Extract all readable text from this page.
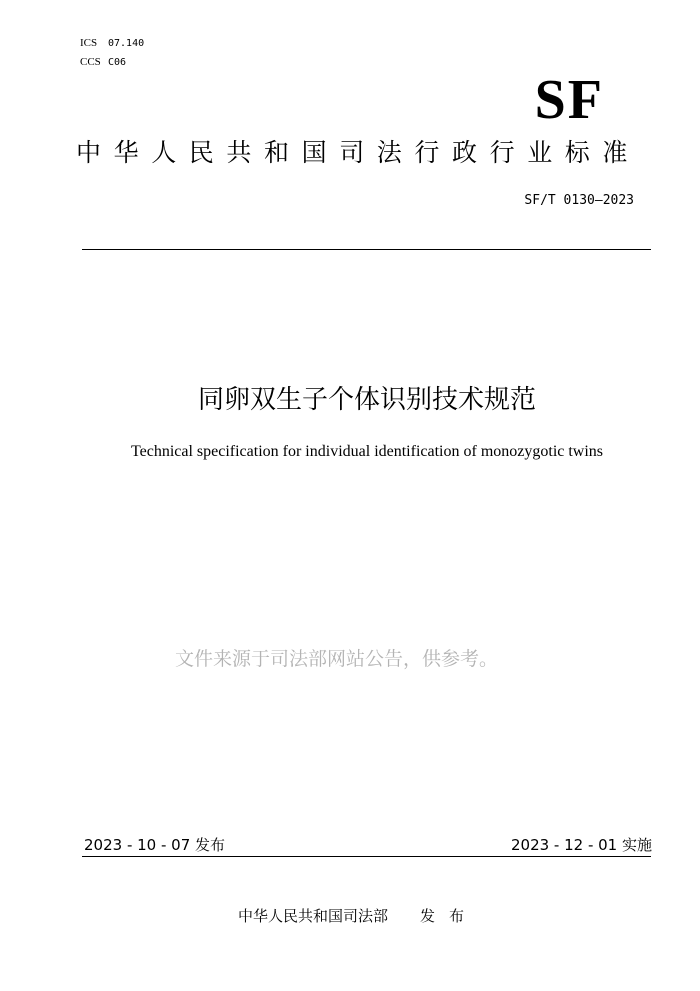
ICS	07.140
CCS C06
SF
中华人民共和国司法行政行业标准
SF/T 0130—2023
同卵双生子个体识别技术规范
Technical specification for individual identification of monozygotic twins
文件来源于司法部网站公告，供参考。
2023 - 10 - 07 发布	2023 - 12 - 01 实施
中华人民共和国司法部 发布
